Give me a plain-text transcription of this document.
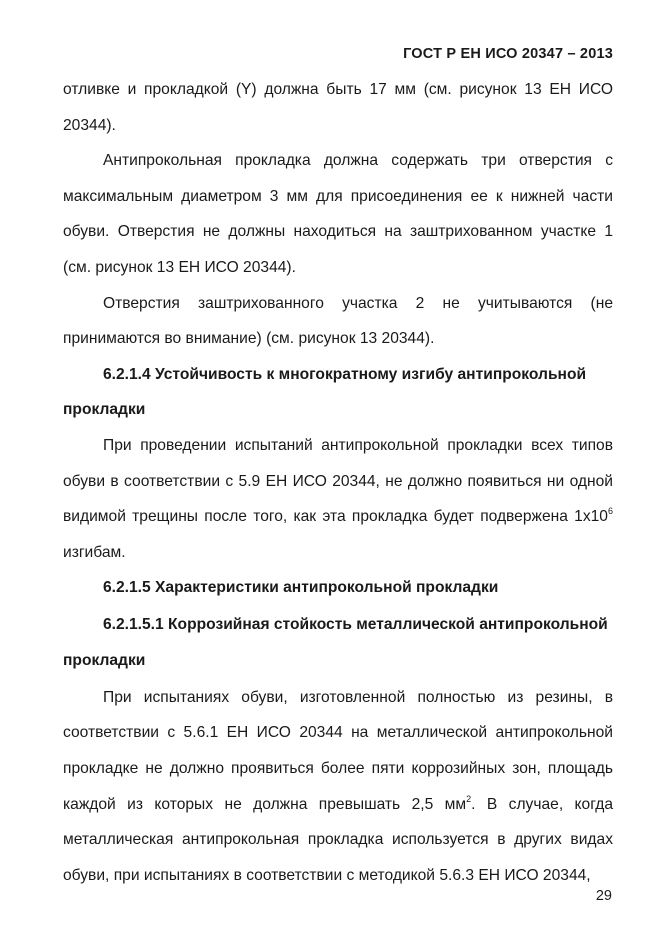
ГОСТ Р ЕН ИСО 20347 – 2013

отливке и прокладкой (Y) должна быть 17 мм (см. рисунок 13 ЕН ИСО 20344).

Антипрокольная прокладка должна содержать три отверстия с максимальным диаметром 3 мм для присоединения ее к нижней части обуви. Отверстия не должны находиться на заштрихованном участке 1 (см. рисунок 13 ЕН ИСО 20344).

Отверстия заштрихованного участка 2 не учитываются (не принимаются во внимание) (см. рисунок 13 20344).

6.2.1.4 Устойчивость к многократному изгибу антипрокольной прокладки

При проведении испытаний антипрокольной прокладки всех типов обуви в соответствии с 5.9 ЕН ИСО 20344, не должно появиться ни одной видимой трещины после того, как эта прокладка будет подвержена $1х10^6$ изгибам.

6.2.1.5 Характеристики антипрокольной прокладки

6.2.1.5.1 Коррозийная стойкость металлической антипрокольной прокладки

При испытаниях обуви, изготовленной полностью из резины, в соответствии с 5.6.1 ЕН ИСО 20344 на металлической антипрокольной прокладке не должно проявиться более пяти коррозийных зон, площадь каждой из которых не должна превышать 2,5 $мм^2$. В случае, когда металлическая антипрокольная прокладка используется в других видах обуви, при испытаниях в соответствии с методикой 5.6.3 ЕН ИСО 20344,

29
